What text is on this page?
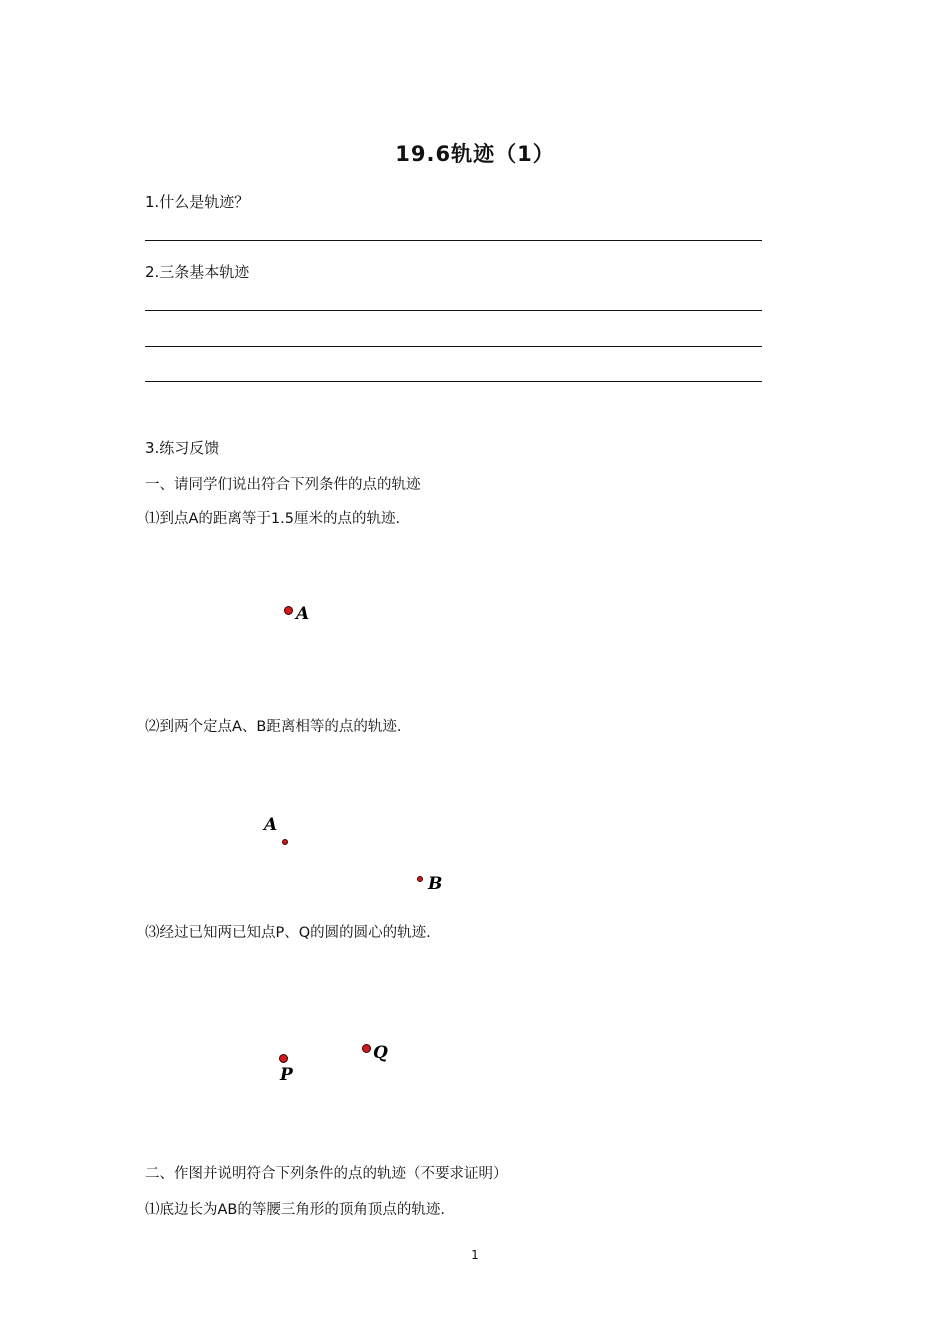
19.6轨迹（1）
1.什么是轨迹？
2.三条基本轨迹
3.练习反馈
一、请同学们说出符合下列条件的点的轨迹
⑴到点A的距离等于1.5厘米的点的轨迹.
A
⑵到两个定点A、B距离相等的点的轨迹.
A
B
⑶经过已知两已知点P、Q的圆的圆心的轨迹.
Q
P
二、作图并说明符合下列条件的点的轨迹（不要求证明）
⑴底边长为AB的等腰三角形的顶角顶点的轨迹.
1
